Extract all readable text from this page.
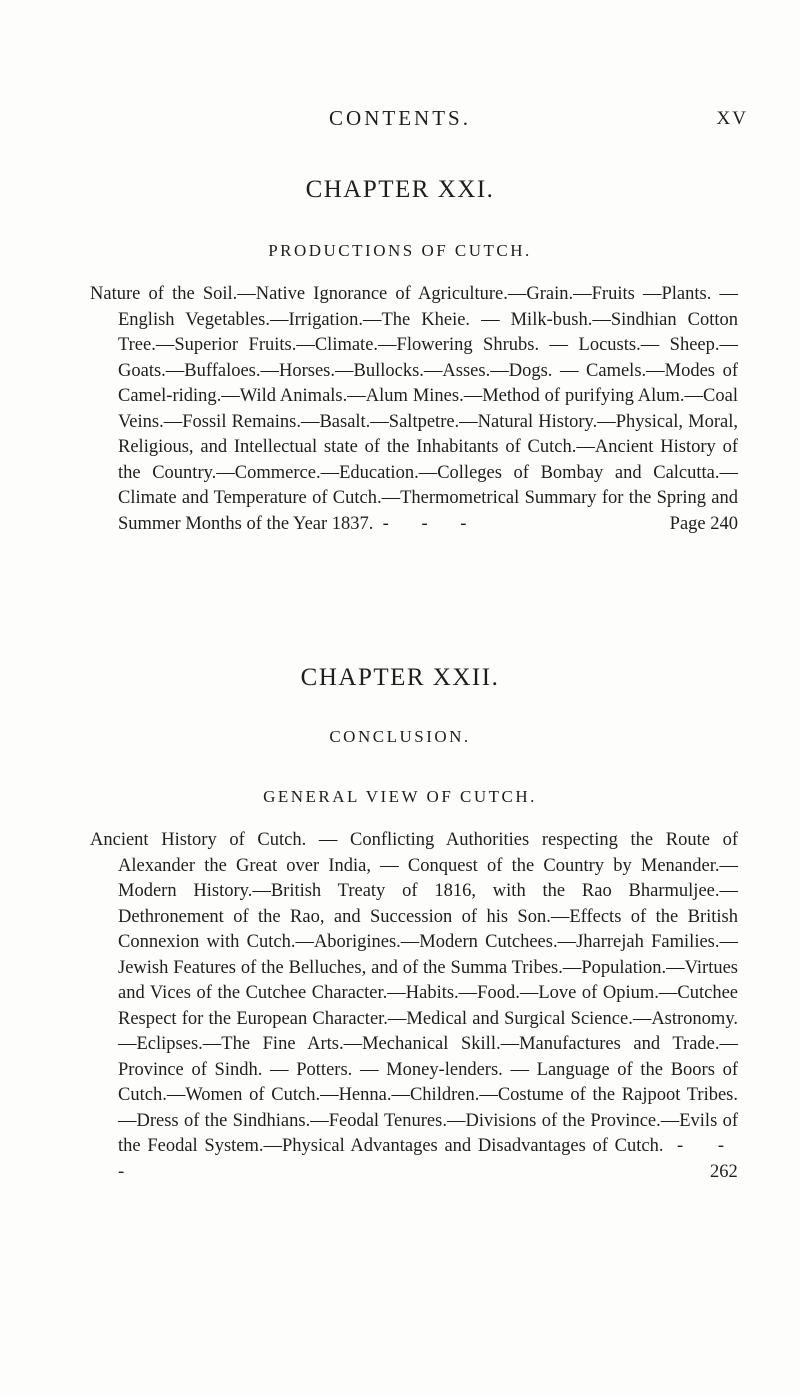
CONTENTS.	XV
CHAPTER XXI.
PRODUCTIONS OF CUTCH.

Nature of the Soil.—Native Ignorance of Agriculture.—Grain.—Fruits —Plants. — English Vegetables.—Irrigation.—The Kheie. — Milk-bush.—Sindhian Cotton Tree.—Superior Fruits.—Climate.—Flowering Shrubs. — Locusts.— Sheep.—Goats.—Buffaloes.—Horses.—Bullocks.—Asses.—Dogs. — Camels.—Modes of Camel-riding.—Wild Animals.—Alum Mines.—Method of purifying Alum.—Coal Veins.—Fossil Remains.—Basalt.—Saltpetre.—Natural History.—Physical, Moral, Religious, and Intellectual state of the Inhabitants of Cutch.—Ancient History of the Country.—Commerce.—Education.—Colleges of Bombay and Calcutta.—Climate and Temperature of Cutch.—Thermometrical Summary for the Spring and Summer Months of the Year 1837. - - -	Page 240

CHAPTER XXII.
CONCLUSION.
GENERAL VIEW OF CUTCH.

Ancient History of Cutch. — Conflicting Authorities respecting the Route of Alexander the Great over India, — Conquest of the Country by Menander.—Modern History.—British Treaty of 1816, with the Rao Bharmuljee.—Dethronement of the Rao, and Succession of his Son.—Effects of the British Connexion with Cutch.—Aborigines.—Modern Cutchees.—Jharrejah Families.—Jewish Features of the Belluches, and of the Summa Tribes.—Population.—Virtues and Vices of the Cutchee Character.—Habits.—Food.—Love of Opium.—Cutchee Respect for the European Character.—Medical and Surgical Science.—Astronomy.—Eclipses.—The Fine Arts.—Mechanical Skill.—Manufactures and Trade.—Province of Sindh. — Potters. — Money-lenders. — Language of the Boors of Cutch.—Women of Cutch.—Henna.—Children.—Costume of the Rajpoot Tribes.—Dress of the Sindhians.—Feodal Tenures.—Divisions of the Province.—Evils of the Feodal System.—Physical Advantages and Disadvantages of Cutch. - - -	262
